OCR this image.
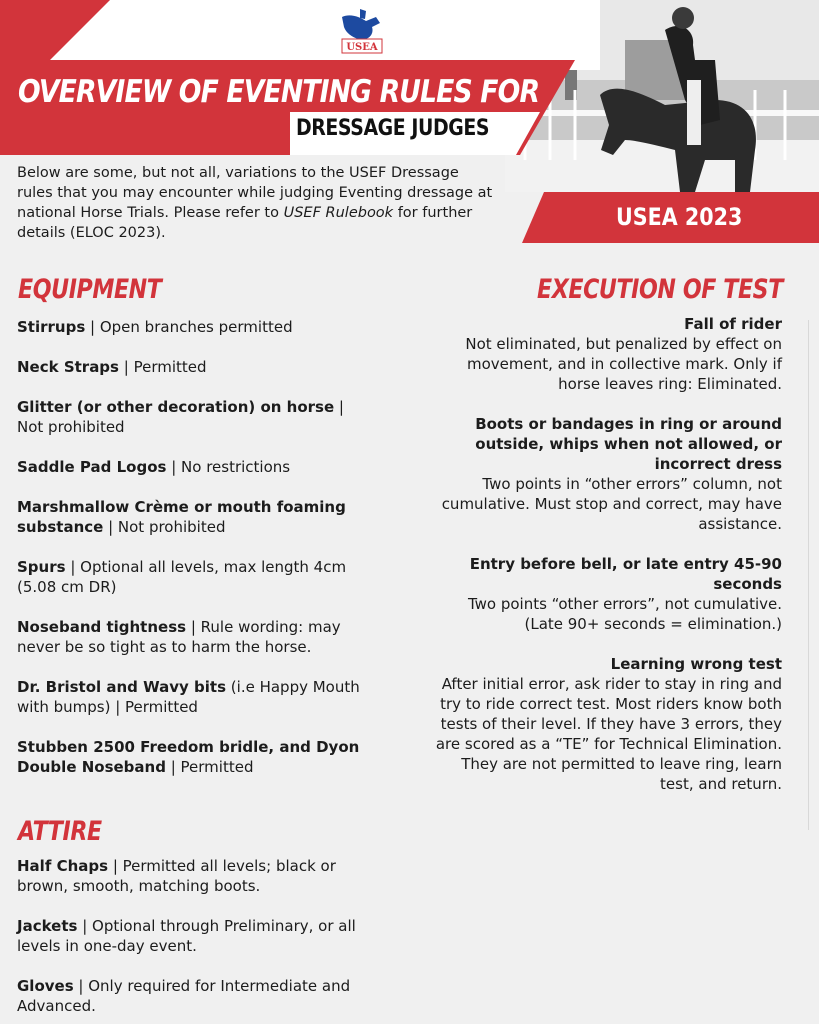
USEA
OVERVIEW OF EVENTING RULES FOR
DRESSAGE JUDGES
Below are some, but not all, variations to the USEF Dressage rules that you may encounter while judging Eventing dressage at national Horse Trials. Please refer to USEF Rulebook for further details (ELOC 2023).
USEA 2023
EQUIPMENT
Stirrups | Open branches permitted
Neck Straps | Permitted
Glitter (or other decoration) on horse | Not prohibited
Saddle Pad Logos | No restrictions
Marshmallow Crème or mouth foaming substance | Not prohibited
Spurs | Optional all levels, max length 4cm (5.08 cm DR)
Noseband tightness | Rule wording: may never be so tight as to harm the horse.
Dr. Bristol and Wavy bits (i.e Happy Mouth with bumps) | Permitted
Stubben 2500 Freedom bridle, and Dyon Double Noseband | Permitted
ATTIRE
Half Chaps | Permitted all levels; black or brown, smooth, matching boots.
Jackets | Optional through Preliminary, or all levels in one-day event.
Gloves | Only required for Intermediate and Advanced.
EXECUTION OF TEST
Fall of rider
Not eliminated, but penalized by effect on movement, and in collective mark. Only if horse leaves ring: Eliminated.
Boots or bandages in ring or around outside, whips when not allowed, or incorrect dress
Two points in “other errors” column, not cumulative. Must stop and correct, may have assistance.
Entry before bell, or late entry 45-90 seconds
Two points “other errors”, not cumulative. (Late 90+ seconds = elimination.)
Learning wrong test
After initial error, ask rider to stay in ring and try to ride correct test. Most riders know both tests of their level. If they have 3 errors, they are scored as a “TE” for Technical Elimination. They are not permitted to leave ring, learn test, and return.
